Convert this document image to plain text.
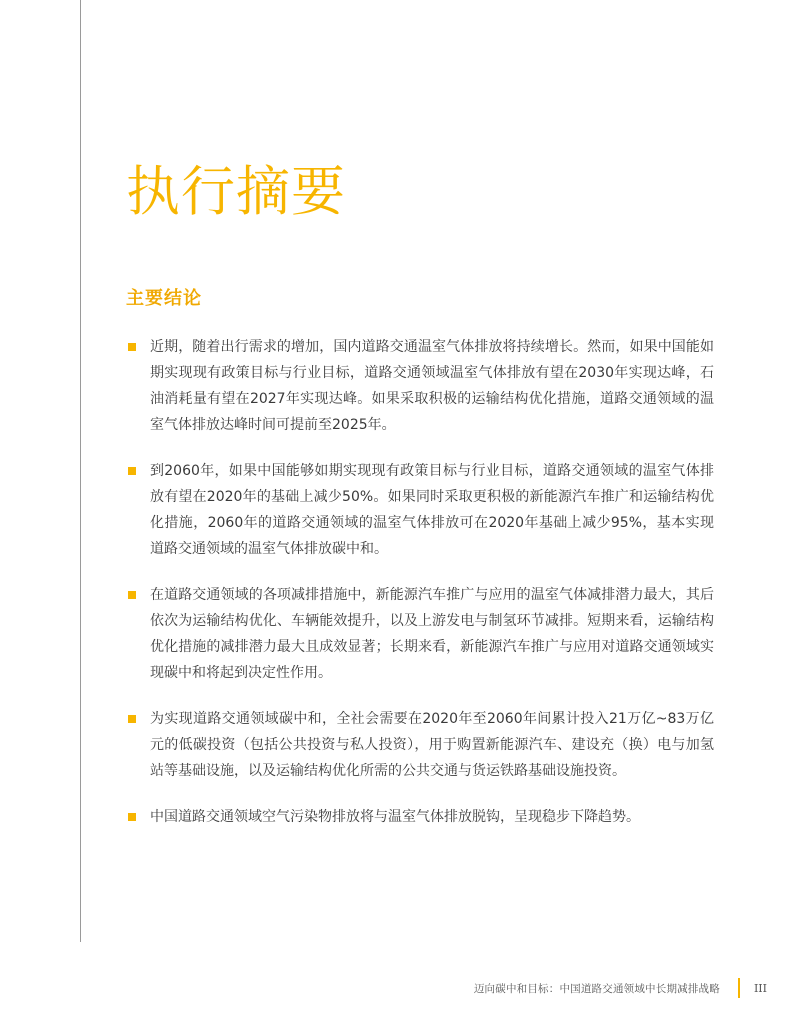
执行摘要
主要结论
近期，随着出行需求的增加，国内道路交通温室气体排放将持续增长。然而，如果中国能如期实现现有政策目标与行业目标，道路交通领域温室气体排放有望在2030年实现达峰，石油消耗量有望在2027年实现达峰。如果采取积极的运输结构优化措施，道路交通领域的温室气体排放达峰时间可提前至2025年。
到2060年，如果中国能够如期实现现有政策目标与行业目标，道路交通领域的温室气体排放有望在2020年的基础上减少50%。如果同时采取更积极的新能源汽车推广和运输结构优化措施，2060年的道路交通领域的温室气体排放可在2020年基础上减少95%，基本实现道路交通领域的温室气体排放碳中和。
在道路交通领域的各项减排措施中，新能源汽车推广与应用的温室气体减排潜力最大，其后依次为运输结构优化、车辆能效提升，以及上游发电与制氢环节减排。短期来看，运输结构优化措施的减排潜力最大且成效显著；长期来看，新能源汽车推广与应用对道路交通领域实现碳中和将起到决定性作用。
为实现道路交通领域碳中和，全社会需要在2020年至2060年间累计投入21万亿~83万亿元的低碳投资（包括公共投资与私人投资），用于购置新能源汽车、建设充（换）电与加氢站等基础设施，以及运输结构优化所需的公共交通与货运铁路基础设施投资。
中国道路交通领域空气污染物排放将与温室气体排放脱钩，呈现稳步下降趋势。
迈向碳中和目标：中国道路交通领域中长期减排战略	III
